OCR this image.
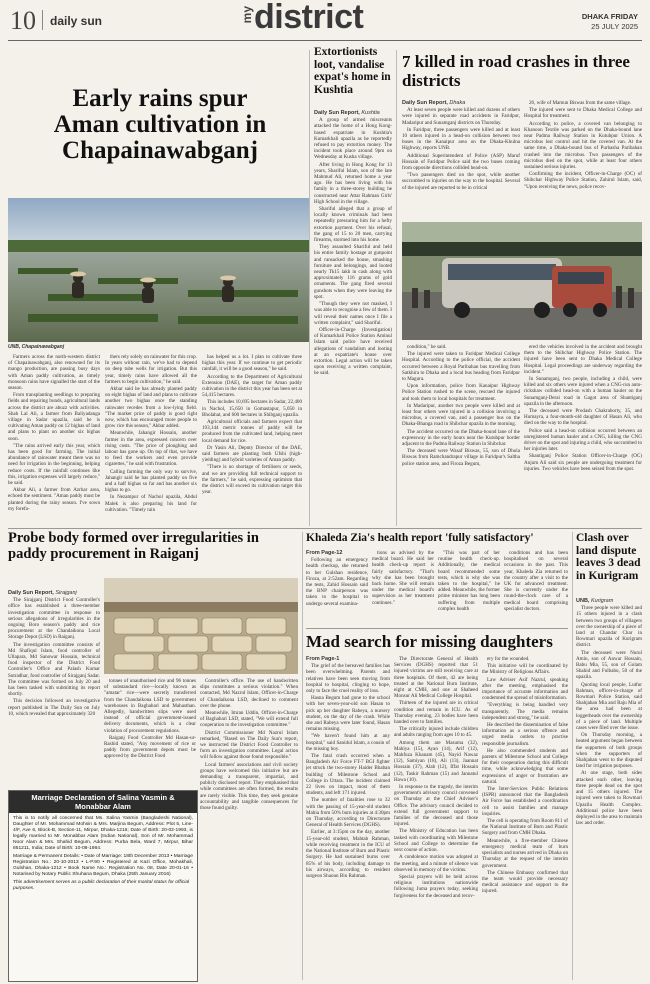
10 daily sun	my district	DHAKA FRIDAY
25 JULY 2025
Early rains spur Aman cultivation in Chapainawabganj
UNB, Chapainawabganj

Farmers across the north-western district of Chapainawabganj, also renowned for its mango production, are passing busy days with Aman paddy cultivation, as timely monsoon rains have signalled the start of the season.

From transplanting seedlings to preparing fields and repairing bunds, agricultural lands across the district are abuzz with activities. Shah Lal Ali, a farmer from Baliyadanga village in Sadar upazila, said he is cultivating Aman paddy on 12 bighas of land and plans to plant on another six bighas soon.

"The rains arrived early this year, which has been good for farming. The initial abundance of rainwater meant there was no need for irrigation in the beginning, helping reduce costs. If the rainfall continues like this, irrigation expenses will largely reduce," he said.

Akbar Ali, a farmer from Azrhar area, echoed the sentiment. "Aman paddy must be planted during the rainy season. I've sown my forefa-

thers rely solely on rainwater for this crop. In years without rain, we've had to depend on deep tube wells for irrigation. But this year, timely rains have allowed all the farmers to begin cultivation," he said.

Akbar said he has already planted paddy on eight bighas of land and plans to cultivate another two bighas once the standing rainwater recedes from a low-lying field. "The market price of paddy is good right now, which has encouraged more people to grow rice this season," Akbar added.

Meanwhile, Jahangir Hossain, another farmer in the area, expressed concern over rising costs. "The price of ploughing and labour has gone up. On top of that, we have to feed the workers and even provide cigarettes," he said with frustration.

Calling farming the only way to survive, Jahangir said he has planted paddy on five and a half bighas so far and has another six bighas to go.

In Nezampur of Nachol upazila, Abdul Malek is also preparing his land for cultivation. "Timely rain

has helped us a lot. I plan to cultivate three bighas this year. If we continue to get periodic rainfall, it will be a good season," he said.

According to the Department of Agricultural Extension (DAE), the target for Aman paddy cultivation in the district this year has been set at 54,415 hectares.

This includes 10,695 hectares in Sadar, 22,400 in Nachol, 15,650 in Gomastapur, 5,050 in Bholahat, and 600 hectares in Shibganj upazila.

Agricultural officials and farmers expect that 193,144 metric tonnes of paddy will be produced from the cultivated land, helping meet local demand for rice.

Dr Yasin Ali, Deputy Director of the DAE, said farmers are planting both Ufshi (high-yielding) and hybrid varieties of Aman paddy.

"There is no shortage of fertilisers or seeds, and we are providing full technical support to the farmers," he said, expressing optimism that the district will exceed its cultivation target this year.

Extortionists loot, vandalise expat's home in Kushtia

Daily Sun Report, Kushtia

A group of armed miscreants attacked the home of a Hong Kong-based expatriate in Kushtia's Kumarkhali upazila as he reportedly refused to pay extortion money. The incident took place around 9pm on Wednesday at Kusha village.

After living in Hong Kong for 13 years, Shariful Islam, son of the late Mahmud Ali, returned home a year ago. He has been living with his family in a three-storey building he constructed near Attar Rahman Girls' High School in the village.

Shariful alleged that a group of locally known criminals had been repeatedly pressuring him for a hefty extortion payment. Over his refusal, the gang of 15 to 20 men, carrying firearms, stormed into his home.

They assaulted Shariful and held his entire family hostage at gunpoint and ransacked the house, smashing furniture and belongings, and looted nearly Tk15 lakh in cash along with approximately 116 grams of gold ornaments. The gang fired several gunshots when they were leaving the spot.

"Though they were not masked, I was able to recognise a few of them. I will reveal their names once I file a written complaint," said Shariful.

Officer-in-Charge (Investigation) of Kumarkhali Police Station Aminul Islam said police have received allegations of vandalism and looting at an expatriate's house over extortion. Legal action will be taken upon receiving a written complaint, he said.

7 killed in road crashes in three districts

Daily Sun Report, Dhaka

At least seven people were killed and dozens of others were injured in separate road accidents in Faridpur, Madaripur and Sunamganj districts on Thursday.

In Faridpur, three passengers were killed and at least 10 others injured in a head-on collision between two buses in the Kanaipur area on the Dhaka-Khulna Highway, reports UNB.

Additional Superintendent of Police (ASP) Maruf Hossain of Faridpur Police said the two buses coming from opposite directions collided head-on.

"Two passengers died on the spot, while another succumbed to injuries on the way to the hospital. Several of the injured are reported to be in critical

26, wife of Mamun Biswas from the same village.

The injured were sent to Dhaka Medical College and Hospital for treatment.

According to police, a covered van belonging to Khanoon Textile was parked on the Dhaka-bound lane near Padma Railway Station in Kutubpur Union. A microbus lost control and hit the covered van. At the same time, a Dhaka-bound bus of Purbasha Paribahan crashed into the microbus. Two passengers of the microbus died on the spot, while at least four others sustained serious injuries.

Confirming the incident, Officer-in-Charge (OC) of Shibchar Highway Police Station, Zahirul Islam, said, "Upon receiving the news, police recov-

condition," he said.

The injured were taken to Faridpur Medical College Hospital. According to the police official, the accident occurred between a Royal Paribahan bus travelling from Satkhira to Dhaka and a local bus heading from Faridpur to Magura.

Upon information, police from Kanaipur Highway Police Station rushed to the scene, rescued the injured and took them to local hospitals for treatment.

In Madaripur, another two people were killed and at least four others were injured in a collision involving a microbus, a covered van, and a passenger bus on the Dhaka-Bhanga road in Shibchar upazila in the morning.

The accident occurred on the Dhaka-bound lane of the expressway in the early hours near the Kutubpur border adjacent to the Padma Railway Station in Shibchar.

The deceased were Wasaf Biswas, 55, son of Dhola Biswas from Ramchandrapur village in Faridpur's Saltha police station area, and Firoza Begum,

ered the vehicles involved in the accident and brought them to the Shibchar Highway Police Station. The injured have been sent to Dhaka Medical College Hospital. Legal proceedings are underway regarding the incident."

In Sunamganj, two people, including a child, were killed and six others were injured when a CNG-run auto-rickshaw collided head-on with a human hauler on the Sunamganj-Derai road in Gagot area of Shantiganj upazila in the afternoon.

The deceased were Prodash Chakraborty, 35, and Humayra, a four-month-old daughter of Hasan Ali, who died on the way to the hospital.

Police said a head-on collision occurred between an unregistered human hauler and a CNG, killing the CNG driver on the spot and injuring a child, who succumbed to her injuries later.

Shantiganj Police Station Officer-in-Charge (OC) Anjum Ali said six people are undergoing treatment for injuries. Two vehicles have been seized from the spot.

Probe body formed over irregularities in paddy procurement in Raiganj

Daily Sun Report, Sirajganj

The Sirajganj District Food Controller's office has established a three-member investigation committee in response to serious allegations of irregularities in the ongoing Boro season's paddy and rice procurement at the Chandaikona Local Storage Depot (LSD) in Raiganj.

The investigation committee consists of Md Shafiqul Islam, food controller of Ullapara, Md Sanowar Hossain, technical food inspector of the District Food Controller's Office and Palash Kumar Sutradhar, food controller of Sirajganj Sadar. The committee was formed on July 20 and has been tasked with submitting its report shortly.

This decision followed an investigative report published in The Daily Sun on July 10, which revealed that approximately 320

tonnes of unauthorised rice and 96 tonnes of substandard rice—locally known as "amatar" rice—were secretly transferred from the Chandaikona LSD to government warehouses in Baghabari and Mahasthan. Allegedly, handwritten slips were used instead of official government-issued delivery documents, which is a clear violation of procurement regulations.

Raiganj Food Controller Md Hasan-ur-Rashid stated, "Any movement of rice or paddy from government depots must be approved by the District Food

Controller's office. The use of handwritten slips constitutes a serious violation." When contacted, Md Nazrul Islam, Officer-in-Charge of Chandaikona LSD, declined to comment over the phone.

Meanwhile, Imran Uddin, Officer-in-Charge of Baghabari LSD, stated, "We will extend full cooperation to the investigation committee."

District Commissioner Md Nazrul Islam remarked, "Based on The Daily Sun's report, we instructed the District Food Controller to form an investigation committee. Legal action will follow against those found responsible."

Local farmers' associations and civil society groups have welcomed this initiative but are demanding a transparent, impartial, and publicly disclosed report. They emphasised that while committees are often formed, the results are rarely visible. This time, they seek genuine accountability and tangible consequences for those found guilty.

Marriage Declaration of Salina Yasmin & Monabbar Alam
This is to notify all concerned that Ms. Salina Yasmin (Bangladeshi National), Daughter of Mr. Mohammad Mohsin & Mrs. Marjina Begum, Address: Plot 5, Line-4/F, Ave 6, Block-B, Section-11, Mirpur, Dhaka-1216; Date of Birth: 20-02-1993, is legally married to Mr. Monabbar Alam (Indian National), Son of Mr. Mohammad Noor Alam & Mrs. Shahid Begum, Address: Purba Bela, Ward 7, Mirpur, Bihar 851211, India; Date of Birth: 10-08-1984.
Marriage & Permanent Details: • Date of Marriage: 18th December 2013 • Marriage Registration No.: 20-10-2013 • L-P.90 • Registered at Kazi Office, Mohakhali, Gulshan, Dhaka-1212 • Book Name No.: Registration No. 08, Date 20-01-16 • Notarised by Notary Public Shuhana Begum, Dhaka (25th January 2016)
This advertisement serves as a public declaration of their marital status for official purposes.
Khaleda Zia's health report 'fully satisfactory'

From Page-12

Following an emergency health checkup, she returned to her Gulshan residence, Firoza, at 2:52am. Regarding the tests, Zahid Hossain said the BNP chairperson was taken to the hospital to undergo several examina-

tions as advised by the medical board. He said her health check-up report is fairly satisfactory. "That's why she has been brought back home. She will remain under the medical board's supervision as her treatment continues."

"This was part of her routine health check-up. Additionally, the medical board recommended some tests, which is why she was taken to the hospital," he added. Meanwhile, the former prime minister has long been suffering from multiple complex health

conditions and has been hospitalised on several occasions in the past. This year, Khaleda Zia returned to the country after a visit to the UK for advanced treatment. She is currently under the round-the-clock care of a medical board comprising specialist doctors.

Mad search for missing daughters

From Page-1

The grief of the bereaved families has been overwhelming. Parents and relatives have been seen moving from hospital to hospital, clinging to hope, only to face the cruel reality of loss.

Hasna Begum had gone to the school with her seven-year-old son Hasan to pick up her daughter Rabeya, a nursery student, on the day of the crash. While she and Rabeya were later found, Hasan remains missing.

"We haven't found him at any hospital," said Sanidul Islam, a cousin of the missing boy.

The fatal crash occurred when a Bangladesh Air Force FT-7 BGI fighter jet struck the two-storey Haider Bhaban building of Milestone School and College in Uttara. The incident claimed 22 lives on impact, most of them students, and left 171 injured.

The number of fatalities rose to 32 with the passing of 15-year-old student Mahia from 50% burn injuries at 4:30pm on Thursday, according to Directorate General of Health Services (DGHS).

Earlier, at 3:15pm on the day, another 15-year-old student, Mahtab Rahman, while receiving treatment in the ICU of the National Institute of Burn and Plastic Surgery. He had sustained burns over 85% of his body, including damage to his airways, according to resident surgeon Shaoun Bin Rahman.

The Directorate General of Health Services (DGHS) reported that 51 injured victims are still receiving care at three hospitals. Of them, 42 are being treated at the National Burn Institute, eight at CMH, and one at Shaheed Monsur Ali Medical College Hospital.

Thirteen of the injured are in critical condition and remain in ICU. As of Thursday evening, 23 bodies have been handed over to families.

The critically injured include children and adults ranging from ages 10 to 45.

Among them are Masuma (32), Mahiya (15), Ayan (14), Arif (12), Mahfuza Khanam (45), Nayid Nawaz (12), Samiyan (18), Ali (13), Jaannat Hossain (37), Alab (12), Iffat Hossain (12), Taskir Rahman (15) and Jannatul Hawa (10).

In response to the tragedy, the interim government's advisory council convened on Thursday at the Chief Adviser's Office. The advisory council decided to extend full government support to families of the deceased and those injured.

The Ministry of Education has been tasked with coordinating with Milestone School and College to determine the next course of action.

A condolence motion was adopted at the meeting, and a minute of silence was observed in memory of the victims.

Special prayers will be held across religious institutions nationwide following Juma prayers today, seeking forgiveness for the deceased and recov-

ery for the wounded.

This initiative will be coordinated by the Ministry of Religious Affairs.

Law Adviser Asif Nazrul, speaking after the meeting, emphasised the importance of accurate information and condemned the spread of misinformation.

"Everything is being handled very transparently. The media remains independent and strong," he said.

He described the dissemination of false information as a serious offence and urged media outlets to practise responsible journalism.

He also commended students and parents of Milestone School and College for their cooperation during this difficult time, while acknowledging that some expressions of anger or frustration are natural.

The Inter-Services Public Relations (ISPR) announced that the Bangladesh Air Force has established a coordination cell to assist families and manage inquiries.

The cell is operating from Room 811 of the National Institute of Burn and Plastic Surgery and from CMH Dhaka.

Meanwhile, a five-member Chinese emergency medical team of burn specialists and nurses arrived in Dhaka on Thursday at the request of the interim government.

The Chinese Embassy confirmed that the team would provide necessary medical assistance and support to the injured.

Clash over land dispute leaves 3 dead in Kurigram

UNB, Kurigram

Three people were killed and 15 others injured in a clash between two groups of villagers over the ownership of a piece of land at Chandar Char in Rowmari upazila of Kurigram district.

The deceased were Nurul Amin, son of Anwar Hossain, Babu Mia, 55, son of Golam Shahid and Fulbabu, 50 of the upazila.

Quoting local people, Lutfur Rahman, officer-in-charge of Rowmari Police Station, said Shahjahan Mia and Raju Mia of the area had been at loggerheads over the ownership of a piece of land. Multiple cases were filed over the issue.

On Thursday morning, a heated argument began between the supporters of both groups when the supporters of Shahjahan went to the disputed land for irrigation purposes.

At one stage, both sides attacked each other, leaving three people dead on the spot and 15 others injured. The injured were taken to Rowmari Upazila Health Complex. Additional police have been deployed in the area to maintain law and order.
